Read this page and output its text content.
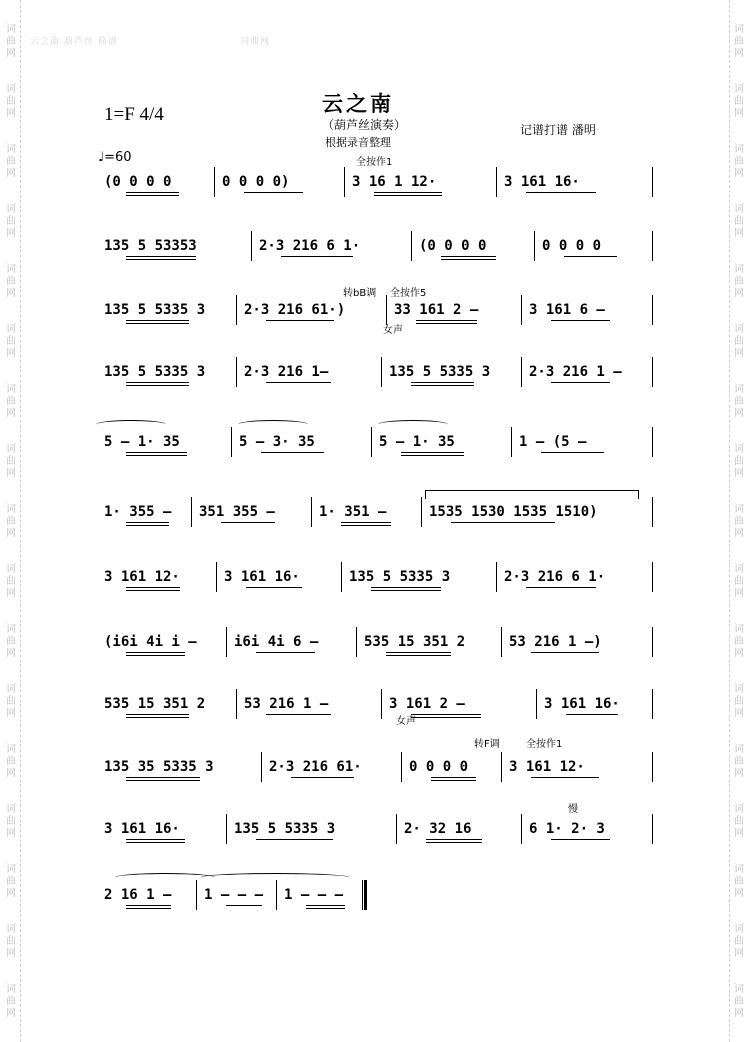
词
曲
网
词
曲
网
词
曲
网
词
曲
网
词
曲
网
词
曲
网
词
曲
网
词
曲
网
词
曲
网
词
曲
网
词
曲
网
词
曲
网
词
曲
网
词
曲
网
词
曲
网
词
曲
网
词
曲
网
词
曲
网
词
曲
网
词
曲
网
词
曲
网
词
曲
网
词
曲
网
词
曲
网
词
曲
网
词
曲
网
词
曲
网
词
曲
网
词
曲
网
词
曲
网
词
曲
网
词
曲
网
词
曲
网
词
曲
网
云之南 葫芦丝 简谱	词曲网
1=F 4/4	云之南
（葫芦丝演奏）
根据录音整理
记谱打谱 潘明
♩=60	全按作1
转bB调 全按作5
女声
女声
转F调	全按作1
慢
(0 0 0 0	0 0 0 0)	3 16 1 12·	3 161 16·
135 5 53353	2·3 216 6 1·	(0 0 0 0	0 0 0 0
135 5 5335 3	2·3 216 61·)	33 161 2 –	3 161 6 –
135 5 5335 3	2·3 216 1–	135 5 5335 3	2·3 216 1 –
5 – 1· 35	5 – 3· 35	5 – 1· 35	1 – (5 –
1· 355 –	351 355 –	1· 351 –	1535 1530 1535 1510)
3 161 12·	3 161 16·	135 5 5335 3	2·3 216 6 1·
(i6i 4i i –	i6i 4i 6 –	535 15 351 2	53 216 1 –)
535 15 351 2	53 216 1 –	3 161 2 –	3 161 16·
135 35 5335 3	2·3 216 61·	0 0 0 0	3 161 12·
3 161 16·	135 5 5335 3	2· 32 16	6 1· 2· 3
2 16 1 –	1 – – –	1 – – –
